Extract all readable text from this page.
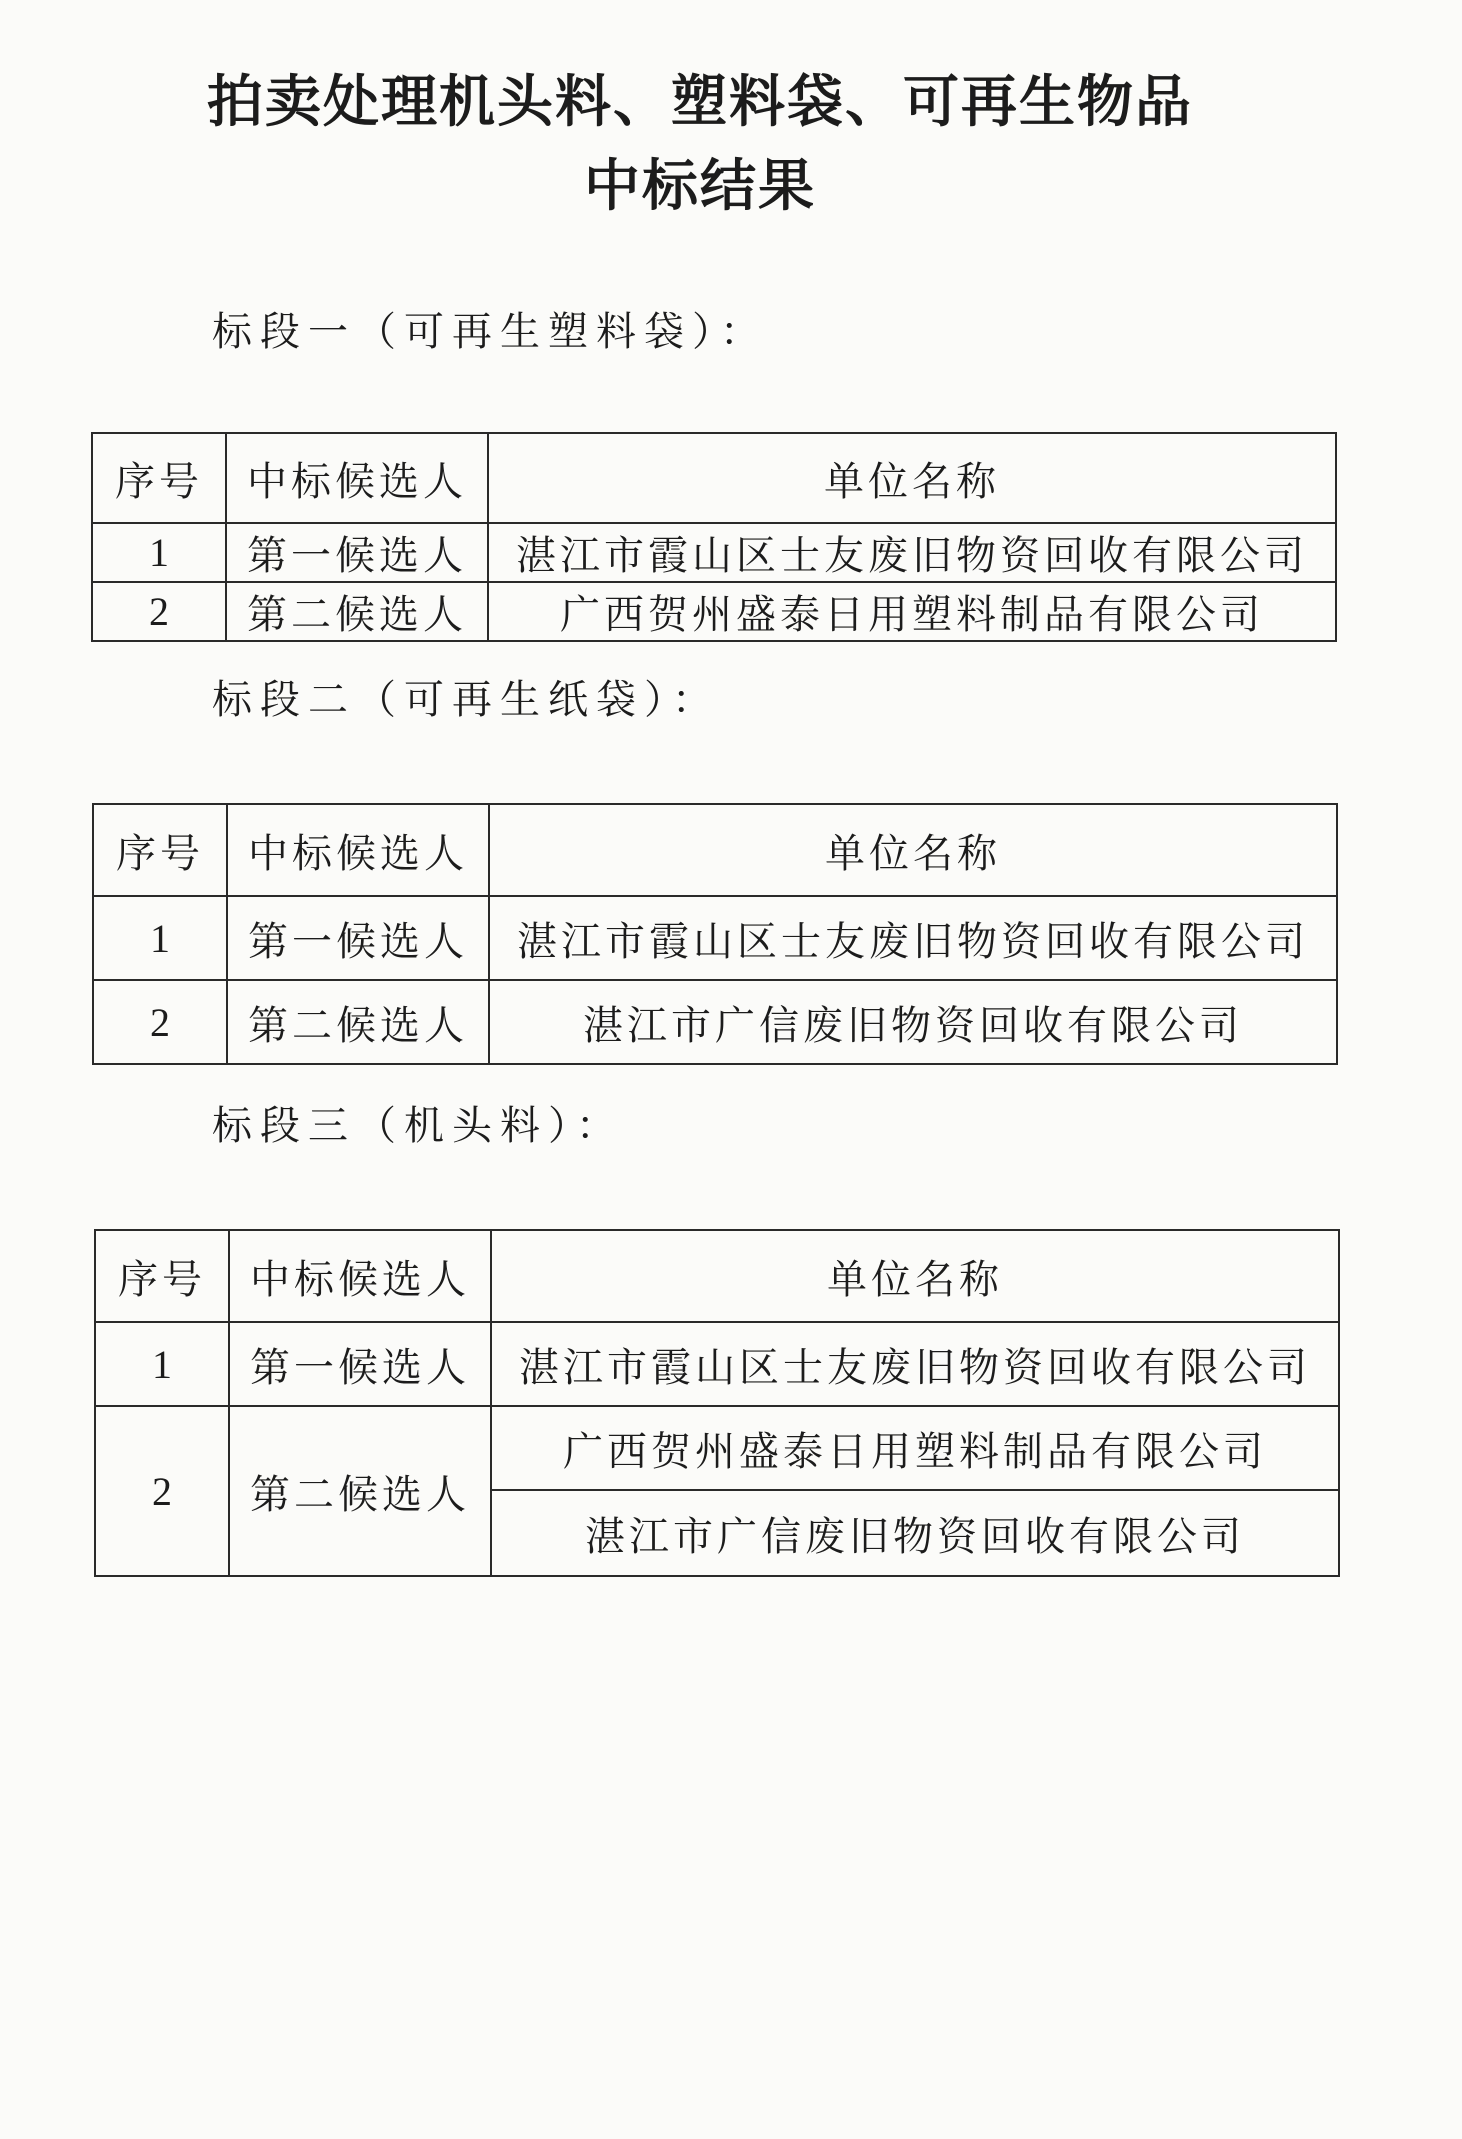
拍卖处理机头料、塑料袋、可再生物品
中标结果
标段一（可再生塑料袋）：
序号	中标候选人	单位名称
1	第一候选人	湛江市霞山区士友废旧物资回收有限公司
2	第二候选人	广西贺州盛泰日用塑料制品有限公司
标段二（可再生纸袋）：
序号	中标候选人	单位名称
1	第一候选人	湛江市霞山区士友废旧物资回收有限公司
2	第二候选人	湛江市广信废旧物资回收有限公司
标段三（机头料）：
序号	中标候选人	单位名称
1	第一候选人	湛江市霞山区士友废旧物资回收有限公司
2	第二候选人	广西贺州盛泰日用塑料制品有限公司
		湛江市广信废旧物资回收有限公司
